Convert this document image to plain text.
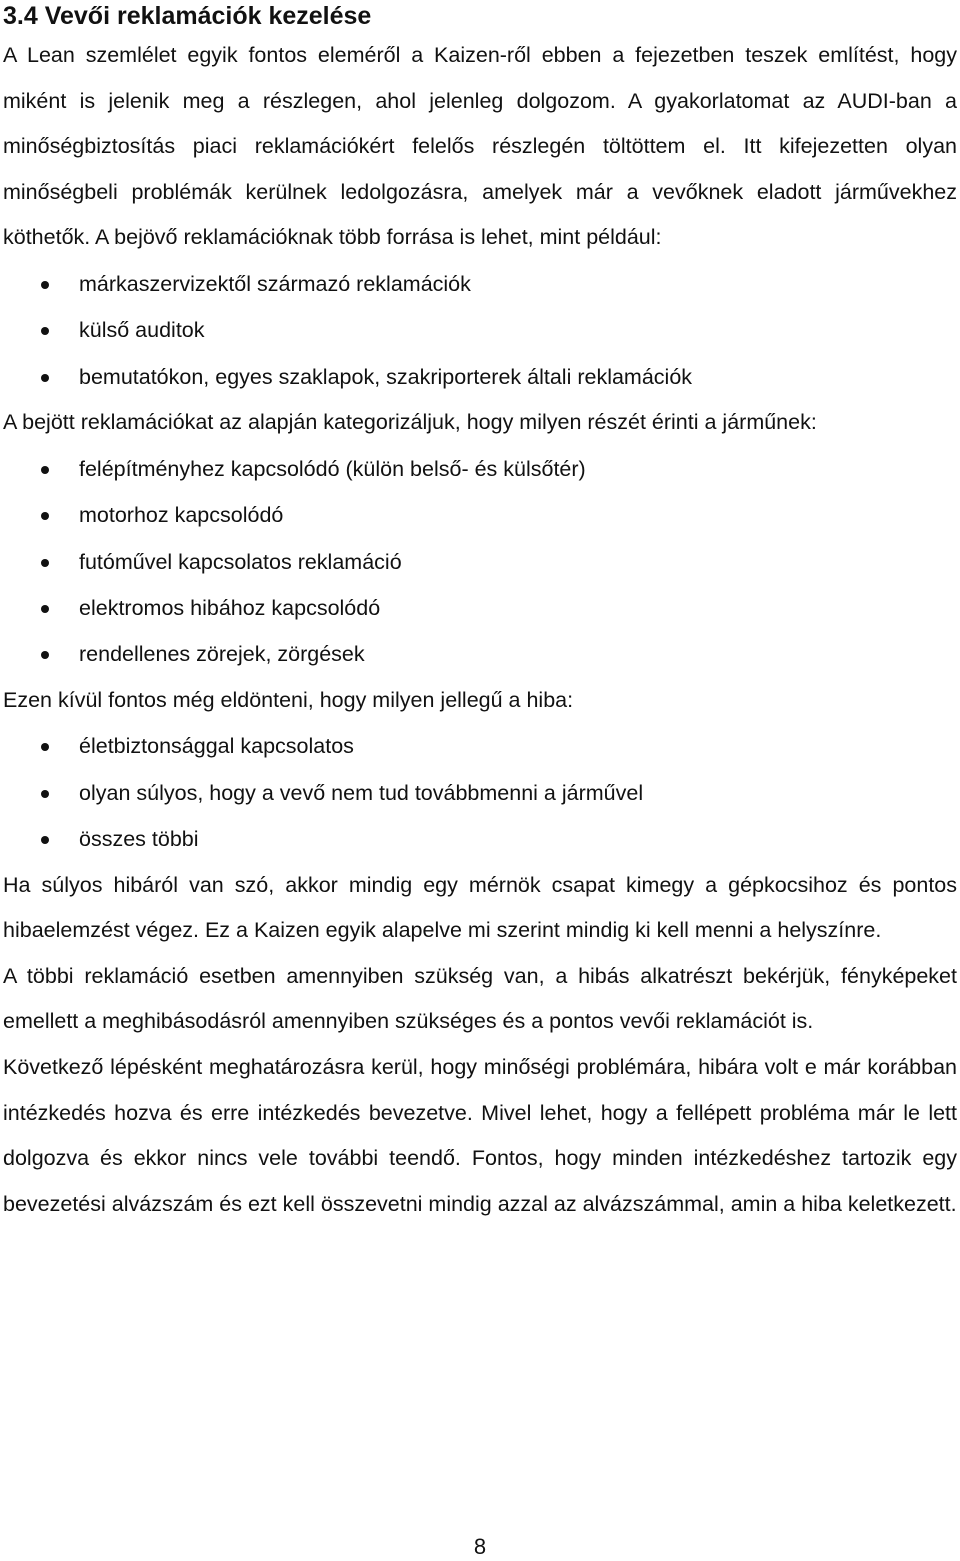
3.4 Vevői reklamációk kezelése

A Lean szemlélet egyik fontos eleméről a Kaizen-ről ebben a fejezetben teszek említést, hogy miként is jelenik meg a részlegen, ahol jelenleg dolgozom. A gyakorlatomat az AUDI-ban a minőségbiztosítás piaci reklamációkért felelős részlegén töltöttem el. Itt kifejezetten olyan minőségbeli problémák kerülnek ledolgozásra, amelyek már a vevőknek eladott járművekhez köthetők. A bejövő reklamációknak több forrása is lehet, mint például:

márkaszervizektől származó reklamációk
külső auditok
bemutatókon, egyes szaklapok, szakriporterek általi reklamációk

A bejött reklamációkat az alapján kategorizáljuk, hogy milyen részét érinti a járműnek:

felépítményhez kapcsolódó (külön belső- és külsőtér)
motorhoz kapcsolódó
futóművel kapcsolatos reklamáció
elektromos hibához kapcsolódó
rendellenes zörejek, zörgések

Ezen kívül fontos még eldönteni, hogy milyen jellegű a hiba:

életbiztonsággal kapcsolatos
olyan súlyos, hogy a vevő nem tud továbbmenni a járművel
összes többi

Ha súlyos hibáról van szó, akkor mindig egy mérnök csapat kimegy a gépkocsihoz és pontos hibaelemzést végez. Ez a Kaizen egyik alapelve mi szerint mindig ki kell menni a helyszínre.

A többi reklamáció esetben amennyiben szükség van, a hibás alkatrészt bekérjük, fényképeket emellett a meghibásodásról amennyiben szükséges és a pontos vevői reklamációt is.

Következő lépésként meghatározásra kerül, hogy minőségi problémára, hibára volt e már korábban intézkedés hozva és erre intézkedés bevezetve. Mivel lehet, hogy a fellépett probléma már le lett dolgozva és ekkor nincs vele további teendő. Fontos, hogy minden intézkedéshez tartozik egy bevezetési alvázszám és ezt kell összevetni mindig azzal az alvázszámmal, amin a hiba keletkezett.

8
